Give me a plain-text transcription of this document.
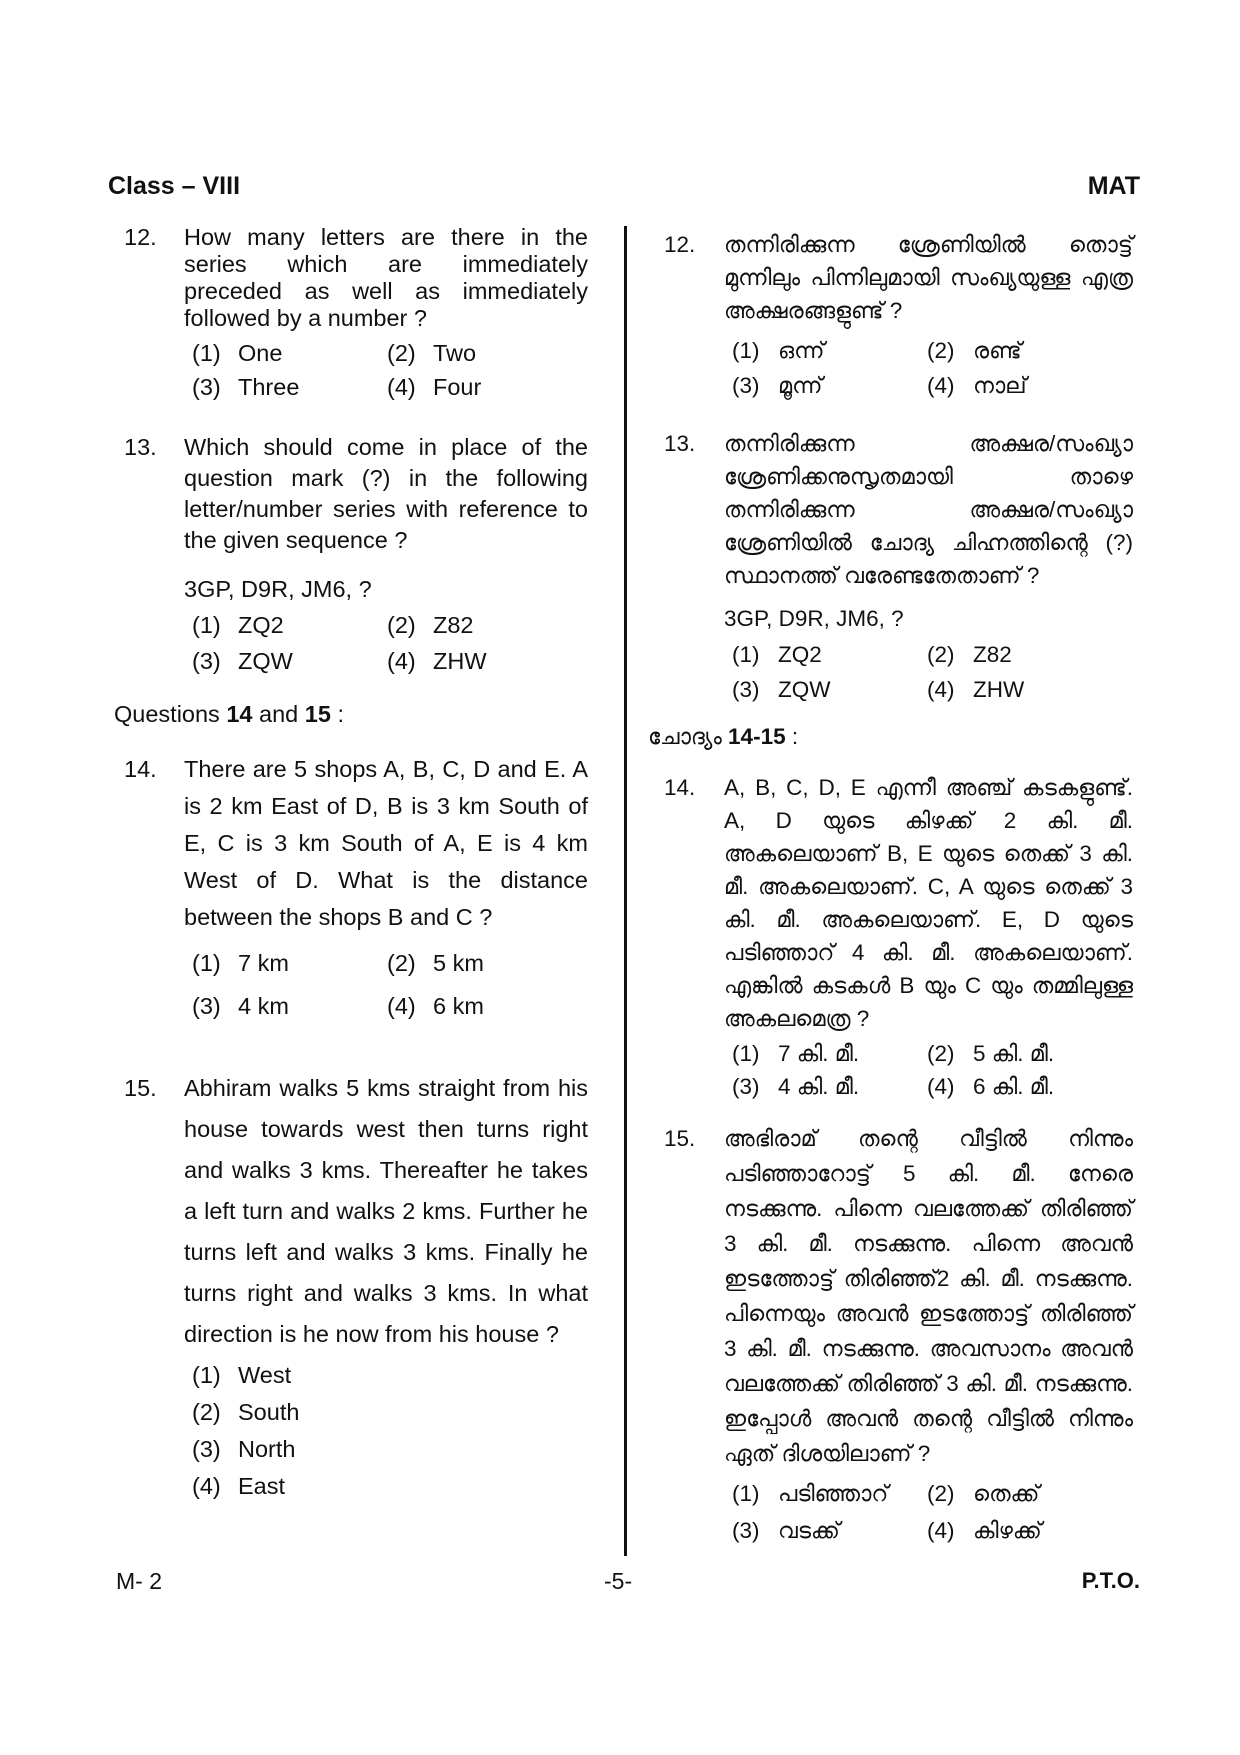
Class – VIII	MAT
12. How many letters are there in the series which are immediately preceded as well as immediately followed by a number ?
(1) One	(2) Two
(3) Three	(4) Four
13. Which should come in place of the question mark (?) in the following letter/number series with reference to the given sequence ?
3GP, D9R, JM6, ?
(1) ZQ2	(2) Z82
(3) ZQW	(4) ZHW
Questions 14 and 15 :
14. There are 5 shops A, B, C, D and E. A is 2 km East of D, B is 3 km South of E, C is 3 km South of A, E is 4 km West of D. What is the distance between the shops B and C ?
(1) 7 km	(2) 5 km
(3) 4 km	(4) 6 km
15. Abhiram walks 5 kms straight from his house towards west then turns right and walks 3 kms. Thereafter he takes a left turn and walks 2 kms. Further he turns left and walks 3 kms. Finally he turns right and walks 3 kms. In what direction is he now from his house ?
(1) West
(2) South
(3) North
(4) East
12. തന്നിരിക്കുന്ന ശ്രേണിയിൽ തൊട്ട് മുന്നിലും പിന്നിലുമായി സംഖ്യയുള്ള എത്ര അക്ഷരങ്ങളുണ്ട് ?
(1) ഒന്ന്	(2) രണ്ട്
(3) മൂന്ന്	(4) നാല്
13. തന്നിരിക്കുന്ന അക്ഷര/സംഖ്യാ ശ്രേണിക്കനുസൃതമായി താഴെ തന്നിരിക്കുന്ന അക്ഷര/സംഖ്യാ ശ്രേണിയിൽ ചോദ്യ ചിഹ്നത്തിന്റെ (?) സ്ഥാനത്ത് വരേണ്ടതേതാണ് ?
3GP, D9R, JM6, ?
(1) ZQ2	(2) Z82
(3) ZQW	(4) ZHW
ചോദ്യം 14-15 :
14. A, B, C, D, E എന്നീ അഞ്ച് കടകളുണ്ട്. A, D യുടെ കിഴക്ക് 2 കി. മീ. അകലെയാണ് B, E യുടെ തെക്ക് 3 കി. മീ. അകലെയാണ്. C, A യുടെ തെക്ക് 3 കി. മീ. അകലെയാണ്. E, D യുടെ പടിഞ്ഞാറ് 4 കി. മീ. അകലെയാണ്. എങ്കിൽ കടകൾ B യും C യും തമ്മിലുള്ള അകലമെത്ര ?
(1) 7 കി. മീ.	(2) 5 കി. മീ.
(3) 4 കി. മീ.	(4) 6 കി. മീ.
15. അഭിരാമ് തന്റെ വീട്ടിൽ നിന്നും പടിഞ്ഞാറോട്ട് 5 കി. മീ. നേരെ നടക്കുന്നു. പിന്നെ വലത്തേക്ക് തിരിഞ്ഞ് 3 കി. മീ. നടക്കുന്നു. പിന്നെ അവൻ ഇടത്തോട്ട് തിരിഞ്ഞ്2 കി. മീ. നടക്കുന്നു. പിന്നെയും അവൻ ഇടത്തോട്ട് തിരിഞ്ഞ് 3 കി. മീ. നടക്കുന്നു. അവസാനം അവൻ വലത്തേക്ക് തിരിഞ്ഞ് 3 കി. മീ. നടക്കുന്നു. ഇപ്പോൾ അവൻ തന്റെ വീട്ടിൽ നിന്നും ഏത് ദിശയിലാണ് ?
(1) പടിഞ്ഞാറ്	(2) തെക്ക്
(3) വടക്ക്	(4) കിഴക്ക്
M- 2	-5-	P.T.O.
